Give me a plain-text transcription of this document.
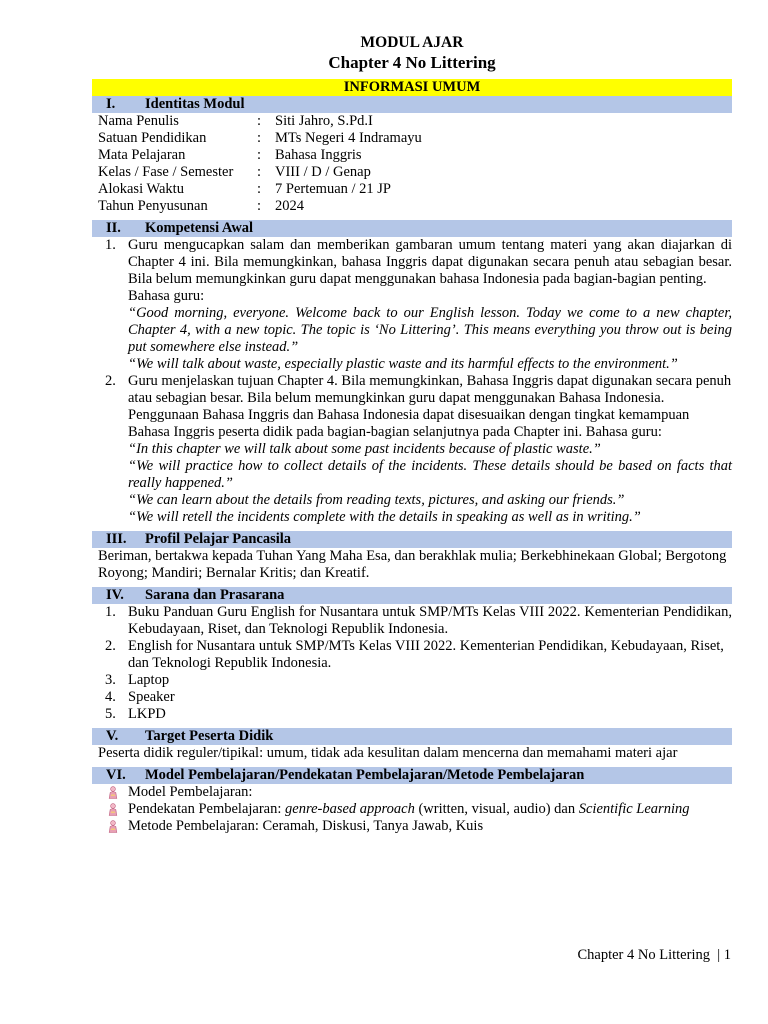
MODUL AJAR
Chapter 4 No Littering
INFORMASI UMUM
I. Identitas Modul
Nama Penulis	: Siti Jahro, S.Pd.I
Satuan Pendidikan	: MTs Negeri 4 Indramayu
Mata Pelajaran	: Bahasa Inggris
Kelas / Fase / Semester : VIII / D / Genap
Alokasi Waktu	: 7 Pertemuan / 21 JP
Tahun Penyusunan	: 2024
II. Kompetensi Awal
1. Guru mengucapkan salam dan memberikan gambaran umum tentang materi yang akan diajarkan di Chapter 4 ini. Bila memungkinkan, bahasa Inggris dapat digunakan secara penuh atau sebagian besar. Bila belum memungkinkan guru dapat menggunakan bahasa Indonesia pada bagian-bagian penting.
Bahasa guru:
“Good morning, everyone. Welcome back to our English lesson. Today we come to a new chapter, Chapter 4, with a new topic. The topic is ‘No Littering’. This means everything you throw out is being put somewhere else instead.”
“We will talk about waste, especially plastic waste and its harmful effects to the environment.”
2. Guru menjelaskan tujuan Chapter 4. Bila memungkinkan, Bahasa Inggris dapat digunakan secara penuh atau sebagian besar. Bila belum memungkinkan guru dapat menggunakan Bahasa Indonesia. Penggunaan Bahasa Inggris dan Bahasa Indonesia dapat disesuaikan dengan tingkat kemampuan Bahasa Inggris peserta didik pada bagian-bagian selanjutnya pada Chapter ini. Bahasa guru:
“In this chapter we will talk about some past incidents because of plastic waste.”
“We will practice how to collect details of the incidents. These details should be based on facts that really happened.”
“We can learn about the details from reading texts, pictures, and asking our friends.”
“We will retell the incidents complete with the details in speaking as well as in writing.”
III. Profil Pelajar Pancasila
Beriman, bertakwa kepada Tuhan Yang Maha Esa, dan berakhlak mulia; Berkebhinekaan Global; Bergotong Royong; Mandiri; Bernalar Kritis; dan Kreatif.
IV. Sarana dan Prasarana
1. Buku Panduan Guru English for Nusantara untuk SMP/MTs Kelas VIII 2022. Kementerian Pendidikan, Kebudayaan, Riset, dan Teknologi Republik Indonesia.
2. English for Nusantara untuk SMP/MTs Kelas VIII 2022. Kementerian Pendidikan, Kebudayaan, Riset, dan Teknologi Republik Indonesia.
3. Laptop
4. Speaker
5. LKPD
V. Target Peserta Didik
Peserta didik reguler/tipikal: umum, tidak ada kesulitan dalam mencerna dan memahami materi ajar
VI. Model Pembelajaran/Pendekatan Pembelajaran/Metode Pembelajaran
Model Pembelajaran:
Pendekatan Pembelajaran: genre-based approach (written, visual, audio) dan Scientific Learning
Metode Pembelajaran: Ceramah, Diskusi, Tanya Jawab, Kuis
Chapter 4 No Littering  | 1
